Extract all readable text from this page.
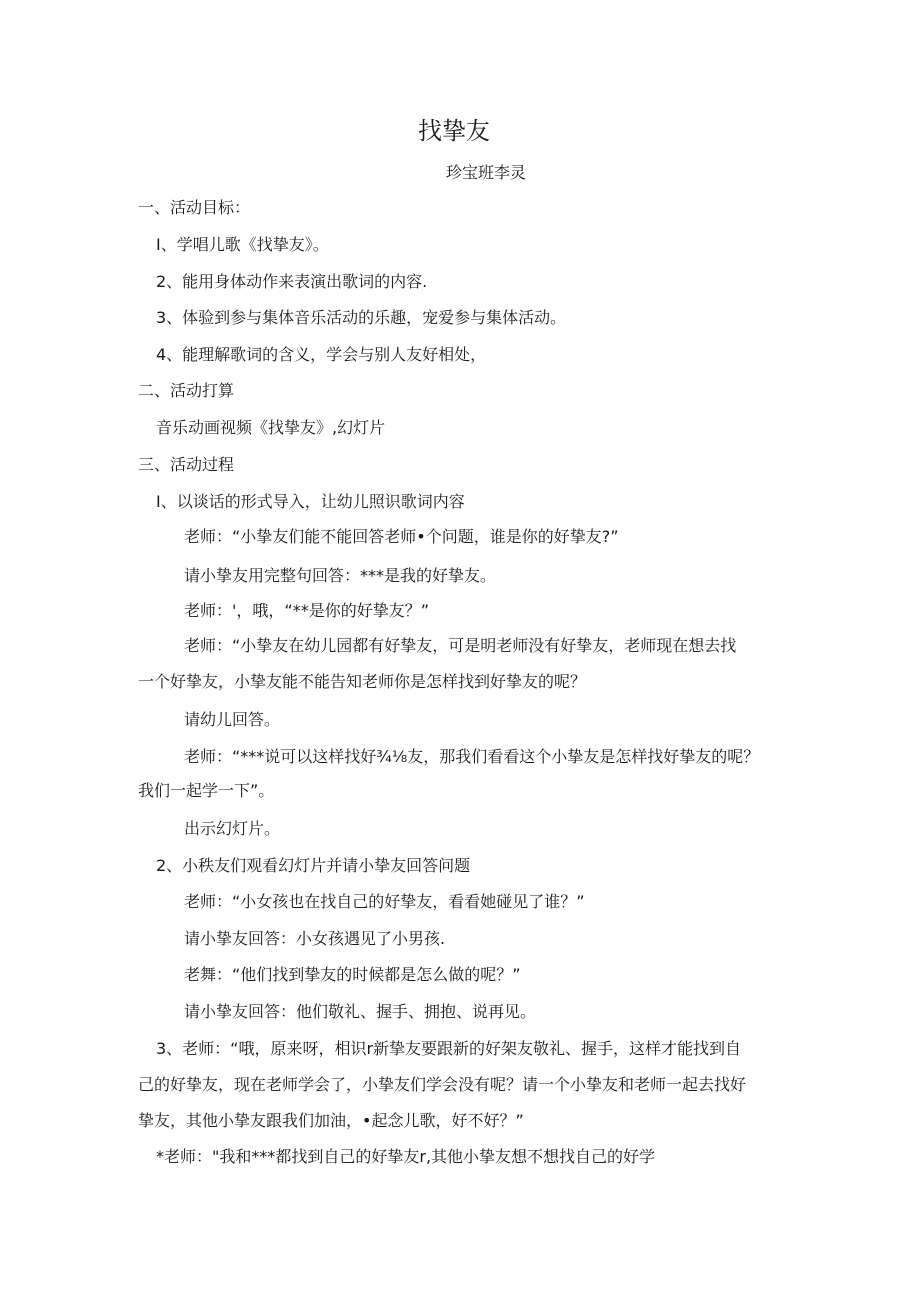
找挚友
珍宝班李灵
一、活动目标：
I、学唱儿歌《找挚友》。
2、能用身体动作来表演出歌词的内容.
3、体验到参与集体音乐活动的乐趣，宠爱参与集体活动。
4、能理解歌词的含义，学会与别人友好相处，
二、活动打算
音乐动画视频《找挚友》,幻灯片
三、活动过程
I、以谈话的形式导入，让幼儿照识歌词内容
老师：“小挚友们能不能回答老师•个问题，谁是你的好挚友?”
请小挚友用完整句回答：***是我的好挚友。
老师：'，哦，“**是你的好挚友？”
老师：“小挚友在幼儿园都有好挚友，可是明老师没有好挚友，老师现在想去找
一个好挚友，小挚友能不能告知老师你是怎样找到好挚友的呢？
请幼儿回答。
老师：“***说可以这样找好¾⅛友，那我们看看这个小挚友是怎样找好挚友的呢？
我们一起学一下”。
出示幻灯片。
2、小秩友们观看幻灯片并请小挚友回答问题
老师：“小女孩也在找自己的好挚友，看看她碰见了谁？”
请小挚友回答：小女孩遇见了小男孩.
老舞：“他们找到挚友的时候都是怎么做的呢？”
请小挚友回答：他们敬礼、握手、拥抱、说再见。
3、老师：“哦，原来呀，相识r新挚友要跟新的好架友敬礼、握手，这样才能找到自
己的好挚友，现在老师学会了，小挚友们学会没有呢？请一个小挚友和老师一起去找好
挚友，其他小挚友跟我们加油，•起念儿歌，好不好？”
*老师："我和***都找到自己的好挚友r,其他小挚友想不想找自己的好学
